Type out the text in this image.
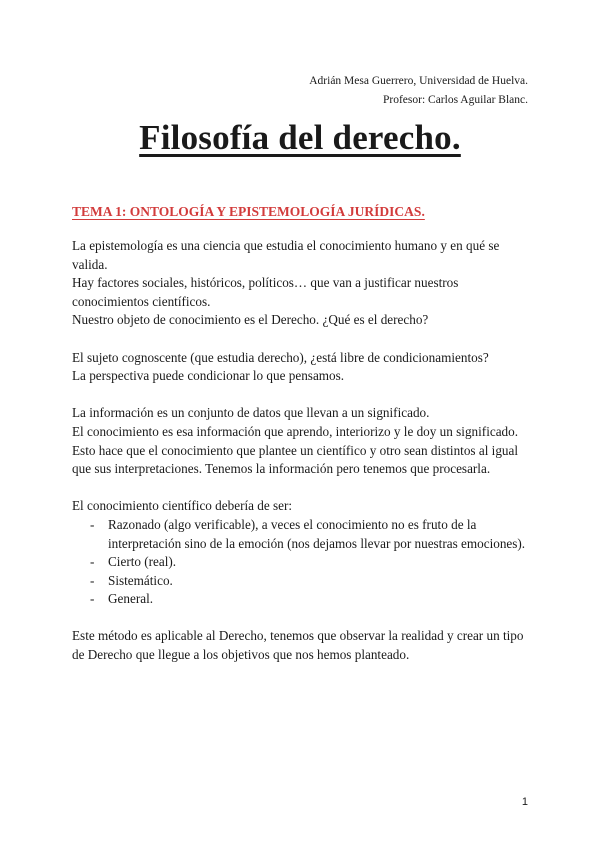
Adrián Mesa Guerrero, Universidad de Huelva.
Profesor: Carlos Aguilar Blanc.
Filosofía del derecho.
TEMA 1: ONTOLOGÍA Y EPISTEMOLOGÍA JURÍDICAS.

La epistemología es una ciencia que estudia el conocimiento humano y en qué se valida.
Hay factores sociales, históricos, políticos… que van a justificar nuestros conocimientos científicos.
Nuestro objeto de conocimiento es el Derecho. ¿Qué es el derecho?

El sujeto cognoscente (que estudia derecho), ¿está libre de condicionamientos?
La perspectiva puede condicionar lo que pensamos.

La información es un conjunto de datos que llevan a un significado.
El conocimiento es esa información que aprendo, interiorizo y le doy un significado. Esto hace que el conocimiento que plantee un científico y otro sean distintos al igual que sus interpretaciones. Tenemos la información pero tenemos que procesarla.

El conocimiento científico debería de ser:
- Razonado (algo verificable), a veces el conocimiento no es fruto de la interpretación sino de la emoción (nos dejamos llevar por nuestras emociones).
- Cierto (real).
- Sistemático.
- General.

Este método es aplicable al Derecho, tenemos que observar la realidad y crear un tipo de Derecho que llegue a los objetivos que nos hemos planteado.

1
